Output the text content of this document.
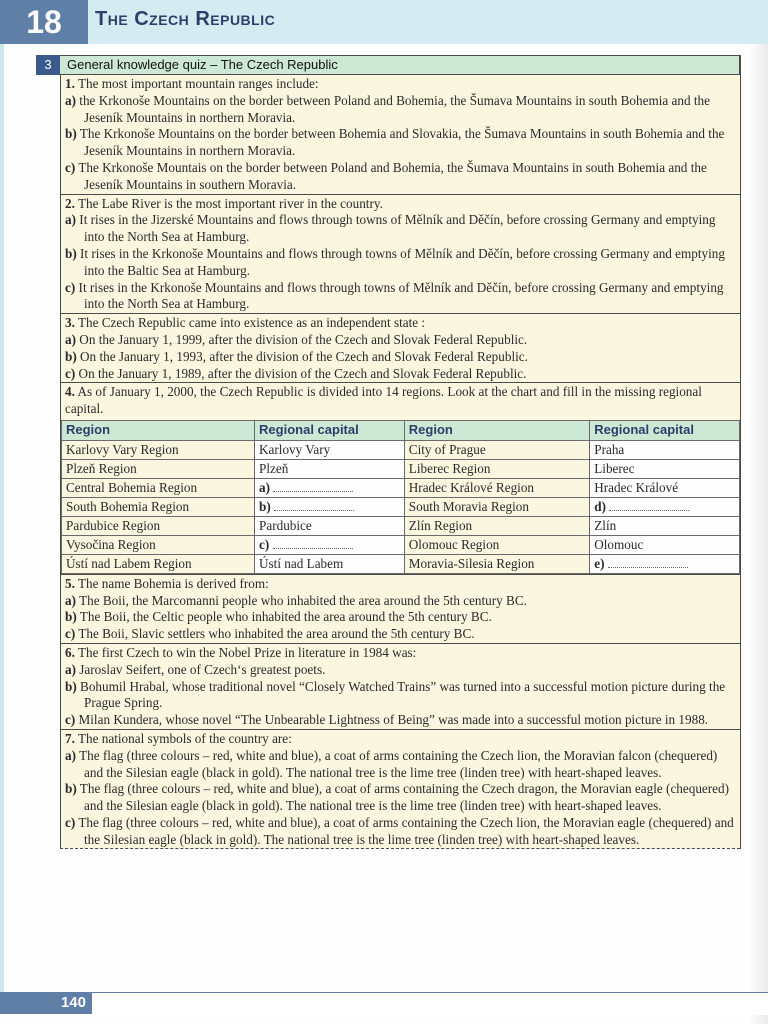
18	The Czech Republic
3	General knowledge quiz – The Czech Republic
1. The most important mountain ranges include:
a) the Krkonoše Mountains on the border between Poland and Bohemia, the Šumava Mountains in south Bohemia and the Jeseník Mountains in northern Moravia.
b) The Krkonoše Mountains on the border between Bohemia and Slovakia, the Šumava Mountains in south Bohemia and the Jeseník Mountains in northern Moravia.
c) The Krkonoše Mountais on the border between Poland and Bohemia, the Šumava Mountains in south Bohemia and the Jeseník Mountains in southern Moravia.
2. The Labe River is the most important river in the country.
a) It rises in the Jizerské Mountains and flows through towns of Mělník and Děčín, before crossing Germany and emptying into the North Sea at Hamburg.
b) It rises in the Krkonoše Mountains and flows through towns of Mělník and Děčín, before crossing Germany and emptying into the Baltic Sea at Hamburg.
c) It rises in the Krkonoše Mountains and flows through towns of Mělník and Děčín, before crossing Germany and emptying into the North Sea at Hamburg.
3. The Czech Republic came into existence as an independent state :
a) On the January 1, 1999, after the division of the Czech and Slovak Federal Republic.
b) On the January 1, 1993, after the division of the Czech and Slovak Federal Republic.
c) On the January 1, 1989, after the division of the Czech and Slovak Federal Republic.
4. As of January 1, 2000, the Czech Republic is divided into 14 regions. Look at the chart and fill in the missing regional capital.
Region	Regional capital	Region	Regional capital
Karlovy Vary Region	Karlovy Vary	City of Prague	Praha
Plzeň Region	Plzeň	Liberec Region	Liberec
Central Bohemia Region	a)	Hradec Králové Region	Hradec Králové
South Bohemia Region	b)	South Moravia Region	d)
Pardubice Region	Pardubice	Zlín Region	Zlín
Vysočina Region	c)	Olomouc Region	Olomouc
Ústí nad Labem Region	Ústí nad Labem	Moravia-Silesia Region	e)
5. The name Bohemia is derived from:
a) The Boii, the Marcomanni people who inhabited the area around the 5th century BC.
b) The Boii, the Celtic people who inhabited the area around the 5th century BC.
c) The Boii, Slavic settlers who inhabited the area around the 5th century BC.
6. The first Czech to win the Nobel Prize in literature in 1984 was:
a) Jaroslav Seifert, one of Czech‘s greatest poets.
b) Bohumil Hrabal, whose traditional novel “Closely Watched Trains” was turned into a successful motion picture during the Prague Spring.
c) Milan Kundera, whose novel “The Unbearable Lightness of Being” was made into a successful motion picture in 1988.
7. The national symbols of the country are:
a) The flag (three colours – red, white and blue), a coat of arms containing the Czech lion, the Moravian falcon (chequered) and the Silesian eagle (black in gold). The national tree is the lime tree (linden tree) with heart-shaped leaves.
b) The flag (three colours – red, white and blue), a coat of arms containing the Czech dragon, the Moravian eagle (chequered) and the Silesian eagle (black in gold). The national tree is the lime tree (linden tree) with heart-shaped leaves.
c) The flag (three colours – red, white and blue), a coat of arms containing the Czech lion, the Moravian eagle (chequered) and the Silesian eagle (black in gold). The national tree is the lime tree (linden tree) with heart-shaped leaves.
140
